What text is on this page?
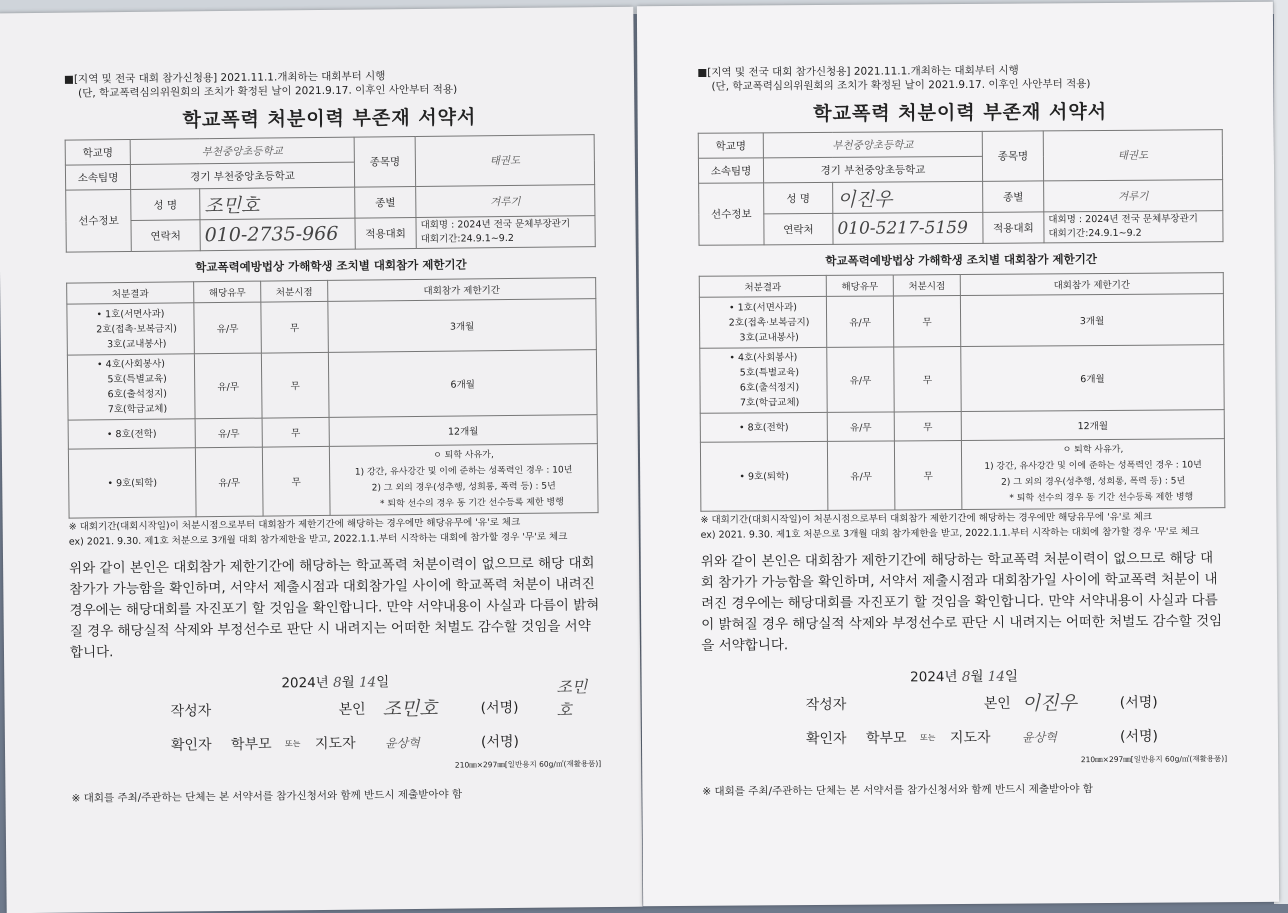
■[지역 및 전국 대회 참가신청용] 2021.11.1.개최하는 대회부터 시행
(단, 학교폭력심의위원회의 조치가 확정된 날이 2021.9.17. 이후인 사안부터 적용)
학교폭력 처분이력 부존재 서약서
학교명	부천중앙초등학교		종목명	태권도
소속팀명	경기 부천중앙초등학교			
선수정보	성 명	조민호	종별	겨루기
	연락처	010-2735-966	적용대회	대회명 : 2024년 전국 문체부장관기
대회기간:24.9.1~9.2
학교폭력예방법상 가해학생 조치별 대회참가 제한기간
처분결과	해당유무	처분시점	대회참가 제한기간

• 1호(서면사과)
2호(접촉·보복금지)
3호(교내봉사)	유/무	무	3개월

• 4호(사회봉사)
5호(특별교육)
6호(출석정지)
7호(학급교체)	유/무	무	6개월
• 8호(전학)	유/무	무	12개월
• 9호(퇴학)	유/무	무	ㅇ 퇴학 사유가,
1) 강간, 유사강간 및 이에 준하는 성폭력인 경우 : 10년
2) 그 외의 경우(성추행, 성희롱, 폭력 등) : 5년
* 퇴학 선수의 경우 동 기간 선수등록 제한 병행
※ 대회기간(대회시작일)이 처분시점으로부터 대회참가 제한기간에 해당하는 경우에만 해당유무에 '유'로 체크
ex) 2021. 9.30. 제1호 처분으로 3개월 대회 참가제한을 받고, 2022.1.1.부터 시작하는 대회에 참가할 경우 '무'로 체크
위와 같이 본인은 대회참가 제한기간에 해당하는 학교폭력 처분이력이 없으므로 해당 대회 참가가 가능함을 확인하며, 서약서 제출시점과 대회참가일 사이에 학교폭력 처분이 내려진 경우에는 해당대회를 자진포기 할 것임을 확인합니다. 만약 서약내용이 사실과 다름이 밝혀질 경우 해당실적 삭제와 부정선수로 판단 시 내려지는 어떠한 처벌도 감수할 것임을 서약합니다.
2024년 8월 14일
작성자	본인 조민호	(서명)
조민호
확인자 학부모 또는 지도자 윤상혁	(서명)
210㎜×297㎜[일반용지 60g/㎡(재활용품)]
※ 대회를 주최/주관하는 단체는 본 서약서를 참가신청서와 함께 반드시 제출받아야 함
■[지역 및 전국 대회 참가신청용] 2021.11.1.개최하는 대회부터 시행
(단, 학교폭력심의위원회의 조치가 확정된 날이 2021.9.17. 이후인 사안부터 적용)
학교폭력 처분이력 부존재 서약서
학교명	부천중앙초등학교		종목명	태권도
소속팀명	경기 부천중앙초등학교			
선수정보	성 명	이진우	종별	겨루기
	연락처	010-5217-5159	적용대회	대회명 : 2024년 전국 문체부장관기
대회기간:24.9.1~9.2
학교폭력예방법상 가해학생 조치별 대회참가 제한기간
처분결과	해당유무	처분시점	대회참가 제한기간

• 1호(서면사과)
2호(접촉·보복금지)
3호(교내봉사)	유/무	무	3개월

• 4호(사회봉사)
5호(특별교육)
6호(출석정지)
7호(학급교체)	유/무	무	6개월
• 8호(전학)	유/무	무	12개월
• 9호(퇴학)	유/무	무	ㅇ 퇴학 사유가,
1) 강간, 유사강간 및 이에 준하는 성폭력인 경우 : 10년
2) 그 외의 경우(성추행, 성희롱, 폭력 등) : 5년
* 퇴학 선수의 경우 동 기간 선수등록 제한 병행
※ 대회기간(대회시작일)이 처분시점으로부터 대회참가 제한기간에 해당하는 경우에만 해당유무에 '유'로 체크
ex) 2021. 9.30. 제1호 처분으로 3개월 대회 참가제한을 받고, 2022.1.1.부터 시작하는 대회에 참가할 경우 '무'로 체크
위와 같이 본인은 대회참가 제한기간에 해당하는 학교폭력 처분이력이 없으므로 해당 대회 참가가 가능함을 확인하며, 서약서 제출시점과 대회참가일 사이에 학교폭력 처분이 내려진 경우에는 해당대회를 자진포기 할 것임을 확인합니다. 만약 서약내용이 사실과 다름이 밝혀질 경우 해당실적 삭제와 부정선수로 판단 시 내려지는 어떠한 처벌도 감수할 것임을 서약합니다.
2024년 8월 14일
작성자	본인 이진우	(서명)
확인자 학부모 또는 지도자	윤상혁	(서명)
210㎜×297㎜[일반용지 60g/㎡(재활용품)]
※ 대회를 주최/주관하는 단체는 본 서약서를 참가신청서와 함께 반드시 제출받아야 함
